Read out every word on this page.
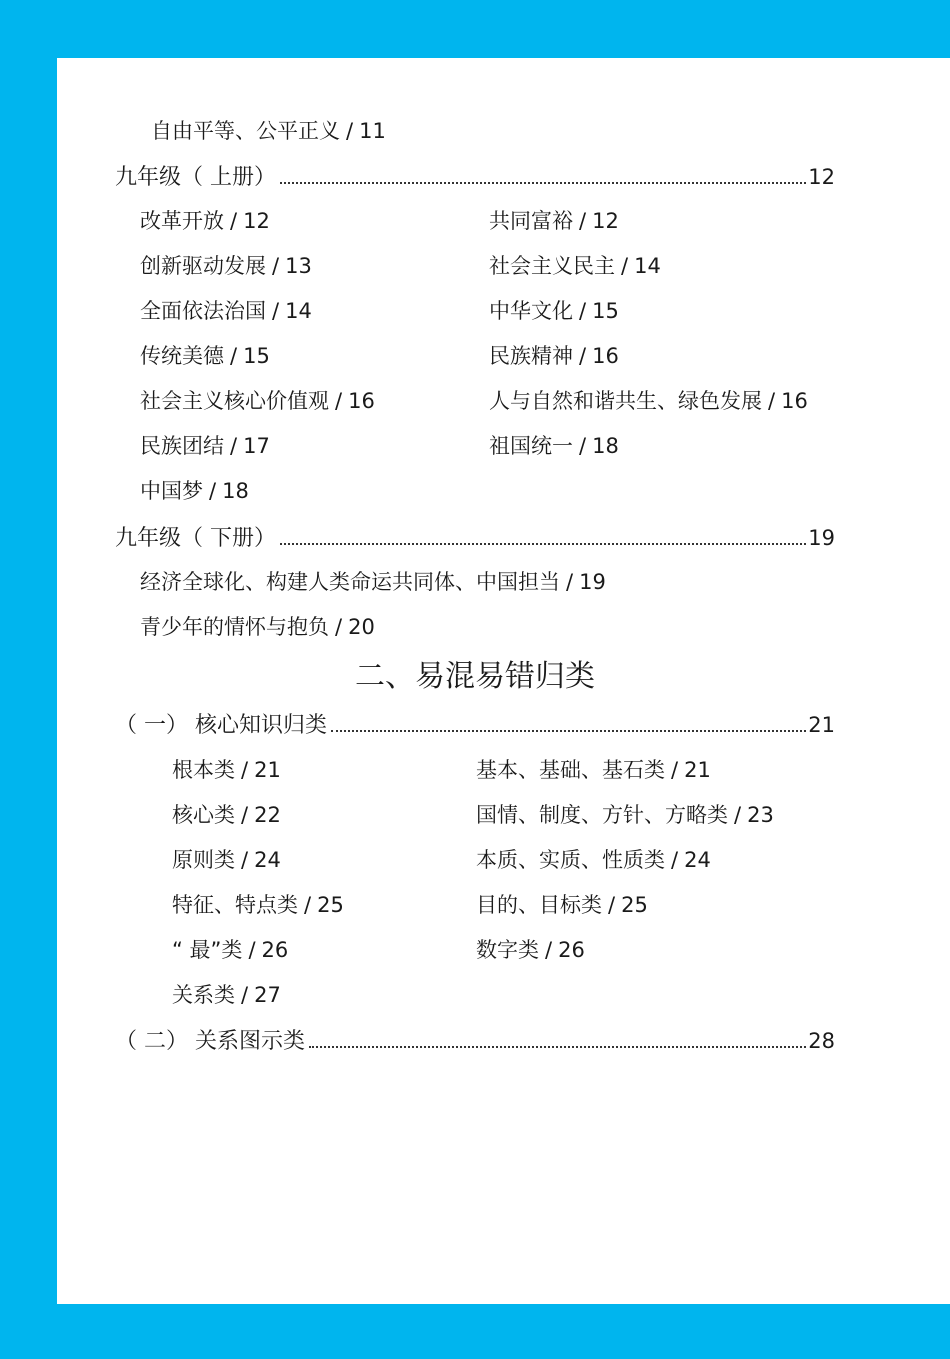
自由平等、公平正义 / 11
九年级（ 上册）	12
改革开放 / 12	共同富裕 / 12
创新驱动发展 / 13	社会主义民主 / 14
全面依法治国 / 14	中华文化 / 15
传统美德 / 15	民族精神 / 16
社会主义核心价值观 / 16	人与自然和谐共生、绿色发展 / 16
民族团结 / 17	祖国统一 / 18
中国梦 / 18
九年级（ 下册）	19
经济全球化、构建人类命运共同体、中国担当 / 19
青少年的情怀与抱负 / 20
二、易混易错归类
（ 一） 核心知识归类	21
根本类 / 21	基本、基础、基石类 / 21
核心类 / 22	国情、制度、方针、方略类 / 23
原则类 / 24	本质、实质、性质类 / 24
特征、特点类 / 25	目的、目标类 / 25
“ 最”类 / 26	数字类 / 26
关系类 / 27
（ 二） 关系图示类	28
